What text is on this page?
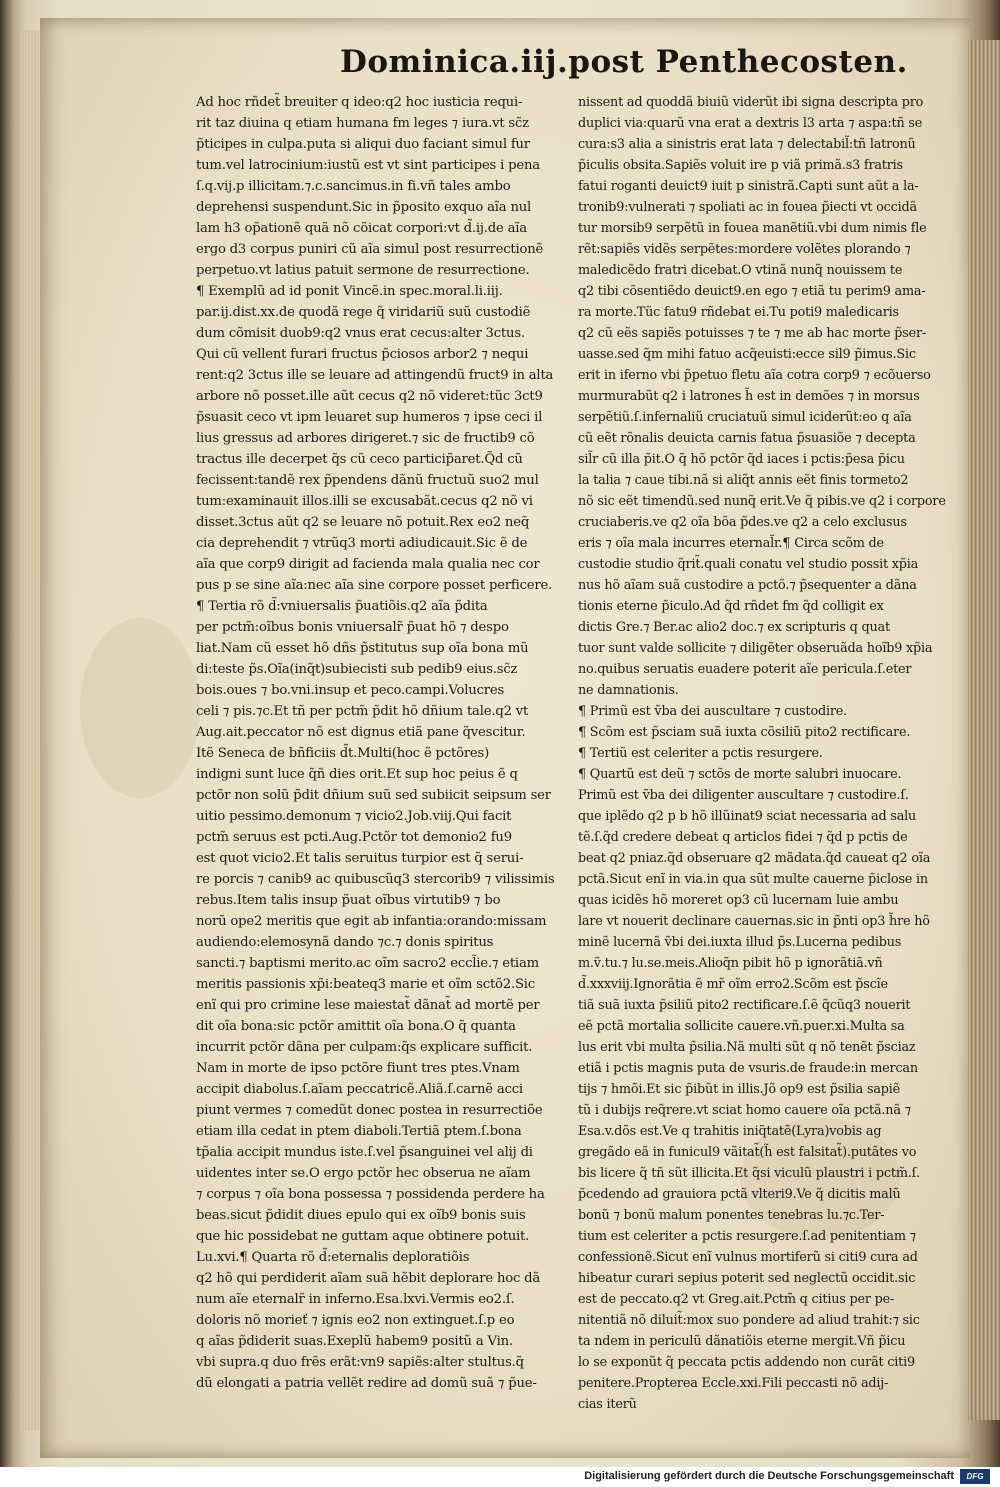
Dominica.iij.post Penthecosten.
Ad hoc rñdet̃ breuiter q ideo:q2 hoc iusticia requi-
rit taz diuina q etiam humana fm leges ⁊ iura.vt sc̃z
p̃ticipes in culpa.puta si aliqui duo faciant simul fur
tum.vel latrocinium:iustũ est vt sint participes i pena
ſ.q.vij.p illicitam.⁊.c.sancimus.in fi.vñ tales ambo
deprehensi suspendunt.Sic in p̃posito exquo aĩa nul
lam h3 op̃ationẽ quã nõ cõicat corpori:vt d̃.ij.de aĩa
ergo d3 corpus puniri cũ aĩa simul post resurrectionẽ
perpetuo.vt latius patuit sermone de resurrectione.
¶ Exemplũ ad id ponit Vincẽ.in spec.moral.li.iij.
par.ij.dist.xx.de quodã rege q̃ viridariũ suũ custodiẽ
dum cõmisit duob9:q2 vnus erat cecus:alter 3ctus.
Qui cũ vellent furari fructus p̃ciosos arbor2 ⁊ nequi
rent:q2 3ctus ille se leuare ad attingendũ fruct9 in alta
arbore nõ posset.ille aũt cecus q2 nõ videret:tũc 3ct9
p̃suasit ceco vt ipm leuaret sup humeros ⁊ ipse ceci il
lius gressus ad arbores dirigeret.⁊ sic de fructib9 cõ
tractus ille decerpet q̃s cũ ceco particip̃aret.Q̃d cũ
fecissent:tandẽ rex p̃pendens dãnũ fructuũ suo2 mul
tum:examinauit illos.illi se excusabãt.cecus q2 nõ vi
disset.3ctus aũt q2 se leuare nõ potuit.Rex eo2 neq̃
cia deprehendit ⁊ vtrũq3 morti adiudicauit.Sic ẽ de
aĩa que corp9 dirigit ad facienda mala qualia nec cor
pus p se sine aĩa:nec aĩa sine corpore posset perficere.
¶ Tertia rõ d̃:vniuersalis p̃uatiõis.q2 aĩa p̃dita
per pctm̃:oĩbus bonis vniuersalr̃ p̃uat hõ ⁊ despo
liat.Nam cũ esset hõ dñs p̃stitutus sup oĩa bona mũ
di:teste p̃s.Oĩa(inq̃t)subiecisti sub pedib9 eius.sc̃z
bois.oues ⁊ bo.vni.insup et peco.campi.Volucres
celi ⁊ pis.⁊c.Et tñ per pctm̃ p̃dit hõ dñium tale.q2 vt
Aug.ait.peccator nõ est dignus etiã pane q̃vescitur.
Itẽ Seneca de bñficiis d̃t.Multi(hoc ẽ pctõres)
indigni sunt luce q̃ñ dies orit.Et sup hoc peius ẽ q
pctõr non solũ p̃dit dñium suũ sed subiicit seipsum ser
uitio pessimo.demonum ⁊ vicio2.Job.viij.Qui facit
pctm̃ seruus est pcti.Aug.Pctõr tot demonio2 fu9
est quot vicio2.Et talis seruitus turpior est q̃ serui-
re porcis ⁊ canib9 ac quibuscũq3 stercorib9 ⁊ vilissimis
rebus.Item talis insup p̃uat oĩbus virtutib9 ⁊ bo
norũ ope2 meritis que egit ab infantia:orando:missam
audiendo:elemosynã dando ⁊c.⁊ donis spiritus
sancti.⁊ baptismi merito.ac oĩm sacro2 eccl̃ie.⁊ etiam
meritis passionis xp̃i:beateq3 marie et oĩm sctõ2.Sic
enĩ qui pro crimine lese maiestat̃ dãnat̃ ad mortẽ per
dit oĩa bona:sic pctõr amittit oĩa bona.O q̃ quanta
incurrit pctõr dãna per culpam:q̃s explicare sufficit.
Nam in morte de ipso pctõre fiunt tres ptes.Vnam
accipit diabolus.ſ.aĩam peccatricẽ.Aliã.ſ.carnẽ acci
piunt vermes ⁊ comedũt donec postea in resurrectiõe
etiam illa cedat in ptem diaboli.Tertiã ptem.ſ.bona
tp̃alia accipit mundus iste.ſ.vel p̃sanguinei vel alij di
uidentes inter se.O ergo pctõr hec obserua ne aĩam
⁊ corpus ⁊ oĩa bona possessa ⁊ possidenda perdere ha
beas.sicut p̃didit diues epulo qui ex oĩb9 bonis suis
que hic possidebat ne guttam aque obtinere potuit.
Lu.xvi.¶ Quarta rõ d̃:eternalis deploratiõis
q2 hõ qui perdiderit aĩam suã hẽbit deplorare hoc dã
num aĩe eternalr̃ in inferno.Esa.lxvi.Vermis eo2.ſ.
doloris nõ morieť ⁊ ignis eo2 non extinguet.ſ.p eo
q aĩas p̃diderit suas.Exeplũ habem9 positũ a Vin.
vbi supra.q duo frẽs erãt:vn9 sapiẽs:alter stultus.q̃
dũ elongati a patria vellẽt redire ad domũ suã ⁊ p̃ue-
nissent ad quoddã biuiũ viderũt ibi signa descripta pro
duplici via:quarũ vna erat a dextris l3 arta ⁊ aspa:tñ se
cura:s3 alia a sinistris erat lata ⁊ delectabil̃:tñ latronũ
p̃iculis obsita.Sapiẽs voluit ire p viã primã.s3 fratris
fatui roganti deuict9 iuit p sinistrã.Capti sunt aũt a la-
tronib9:vulnerati ⁊ spoliati ac in fouea p̃iecti vt occidã
tur morsib9 serpẽtũ in fouea manẽtiũ.vbi dum nimis fle
rẽt:sapiẽs vidẽs serpẽtes:mordere volẽtes plorando ⁊
maledicẽdo fratri dicebat.O vtinã nunq̃ nouissem te
q2 tibi cõsentiẽdo deuict9.en ego ⁊ etiã tu perim9 ama-
ra morte.Tũc fatu9 rñdebat ei.Tu poti9 maledicaris
q2 cũ eẽs sapiẽs potuisses ⁊ te ⁊ me ab hac morte p̃ser-
uasse.sed q̃m mihi fatuo acq̃euisti:ecce sil9 p̃imus.Sic
erit in iferno vbi p̃petuo fletu aĩa cotra corp9 ⁊ ecõuerso
murmurabũt q2 i latrones h̃ est in demões ⁊ in morsus
serpẽtiũ.ſ.infernaliũ cruciatuũ simul iciderũt:eo q aĩa
cũ eẽt rõnalis deuicta carnis fatua p̃suasiõe ⁊ decepta
sil̃r cũ illa p̃it.O q̃ hõ pctõr q̃d iaces i pctis:p̃esa p̃icu
la talia ⁊ caue tibi.nã si aliq̃t annis eẽt finis tormeto2
nõ sic eẽt timendũ.sed nunq̃ erit.Ve q̃ pibis.ve q2 i corpore
cruciaberis.ve q2 oĩa bõa p̃des.ve q2 a celo exclusus
eris ⁊ oĩa mala incurres eternal̃r.¶ Circa scõm de
custodie studio q̃rit̃.quali conatu vel studio possit xp̃ia
nus hõ aĩam suã custodire a pctõ.⁊ p̃sequenter a dãna
tionis eterne p̃iculo.Ad q̃d rñdet fm q̃d colligit ex
dictis Gre.⁊ Ber.ac alio2 doc.⁊ ex scripturis q quat
tuor sunt valde sollicite ⁊ diligẽter obseruãda hoĩb9 xp̃ia
no.quibus seruatis euadere poterit aĩe pericula.ſ.eter
ne damnationis.
¶ Primũ est ṽba dei auscultare ⁊ custodire.
¶ Scõm est p̃sciam suã iuxta cõsiliũ pito2 rectificare.
¶ Tertiũ est celeriter a pctis resurgere.
¶ Quartũ est deũ ⁊ sctõs de morte salubri inuocare.
Primũ est ṽba dei diligenter auscultare ⁊ custodire.ſ.
que iplẽdo q2 p b hõ illũinat9 sciat necessaria ad salu
tẽ.ſ.q̃d credere debeat q articlos fidei ⁊ q̃d p pctis de
beat q2 pniaz.q̃d obseruare q2 mãdata.q̃d caueat q2 oĩa
pctã.Sicut enĩ in via.in qua sũt multe cauerne p̃iclose in
quas icidẽs hõ moreret op3 cũ lucernam luie ambu
lare vt nouerit declinare cauernas.sic in p̃nti op3 h̃re hõ
minẽ lucernã ṽbi dei.iuxta illud p̃s.Lucerna pedibus
m.ṽ.tu.⁊ lu.se.meis.Alioq̃n pibit hõ p ignorãtiã.vñ
d̃.xxxviij.Ignorãtia ẽ mr̃ oĩm erro2.Scõm est p̃scĩe
tiã suã iuxta p̃siliũ pito2 rectificare.ſ.ẽ q̃cũq3 nouerit
eẽ pctã mortalia sollicite cauere.vñ.puer.xi.Multa sa
lus erit vbi multa p̃silia.Nã multi sũt q nõ tenẽt p̃sciaz
etiã i pctis magnis puta de vsuris.de fraude:in mercan
tijs ⁊ hmõi.Et sic p̃ibũt in illis.Jõ op9 est p̃silia sapiẽ
tũ i dubijs req̃rere.vt sciat homo cauere oĩa pctã.nã ⁊
Esa.v.dõs est.Ve q trahitis iniq̃tatẽ(Lyra)vobis ag
gregãdo eã in funicul9 vãitat̃(h̃ est falsitat̃).putãtes vo
bis licere q̃ tñ sũt illicita.Et q̃si viculũ plaustri i pctm̃.ſ.
p̃cedendo ad grauiora pctã vlteri9.Ve q̃ dicitis malũ
bonũ ⁊ bonũ malum ponentes tenebras lu.⁊c.Ter-
tium est celeriter a pctis resurgere.ſ.ad penitentiam ⁊
confessionẽ.Sicut enĩ vulnus mortiferũ si citi9 cura ad
hibeatur curari sepius poterit sed neglectũ occidit.sic
est de peccato.q2 vt Greg.ait.Pctm̃ q citius per pe-
nitentiã nõ diluit̃:mox suo pondere ad aliud trahit:⁊ sic
ta ndem in periculũ dãnatiõis eterne mergit.Vñ p̃icu
lo se exponũt q̃ peccata pctis addendo non curãt citi9
penitere.Propterea Eccle.xxi.Fili peccasti nõ adij-
cias iterũ
Digitalisierung gefördert durch die Deutsche Forschungsgemeinschaft	DFG
